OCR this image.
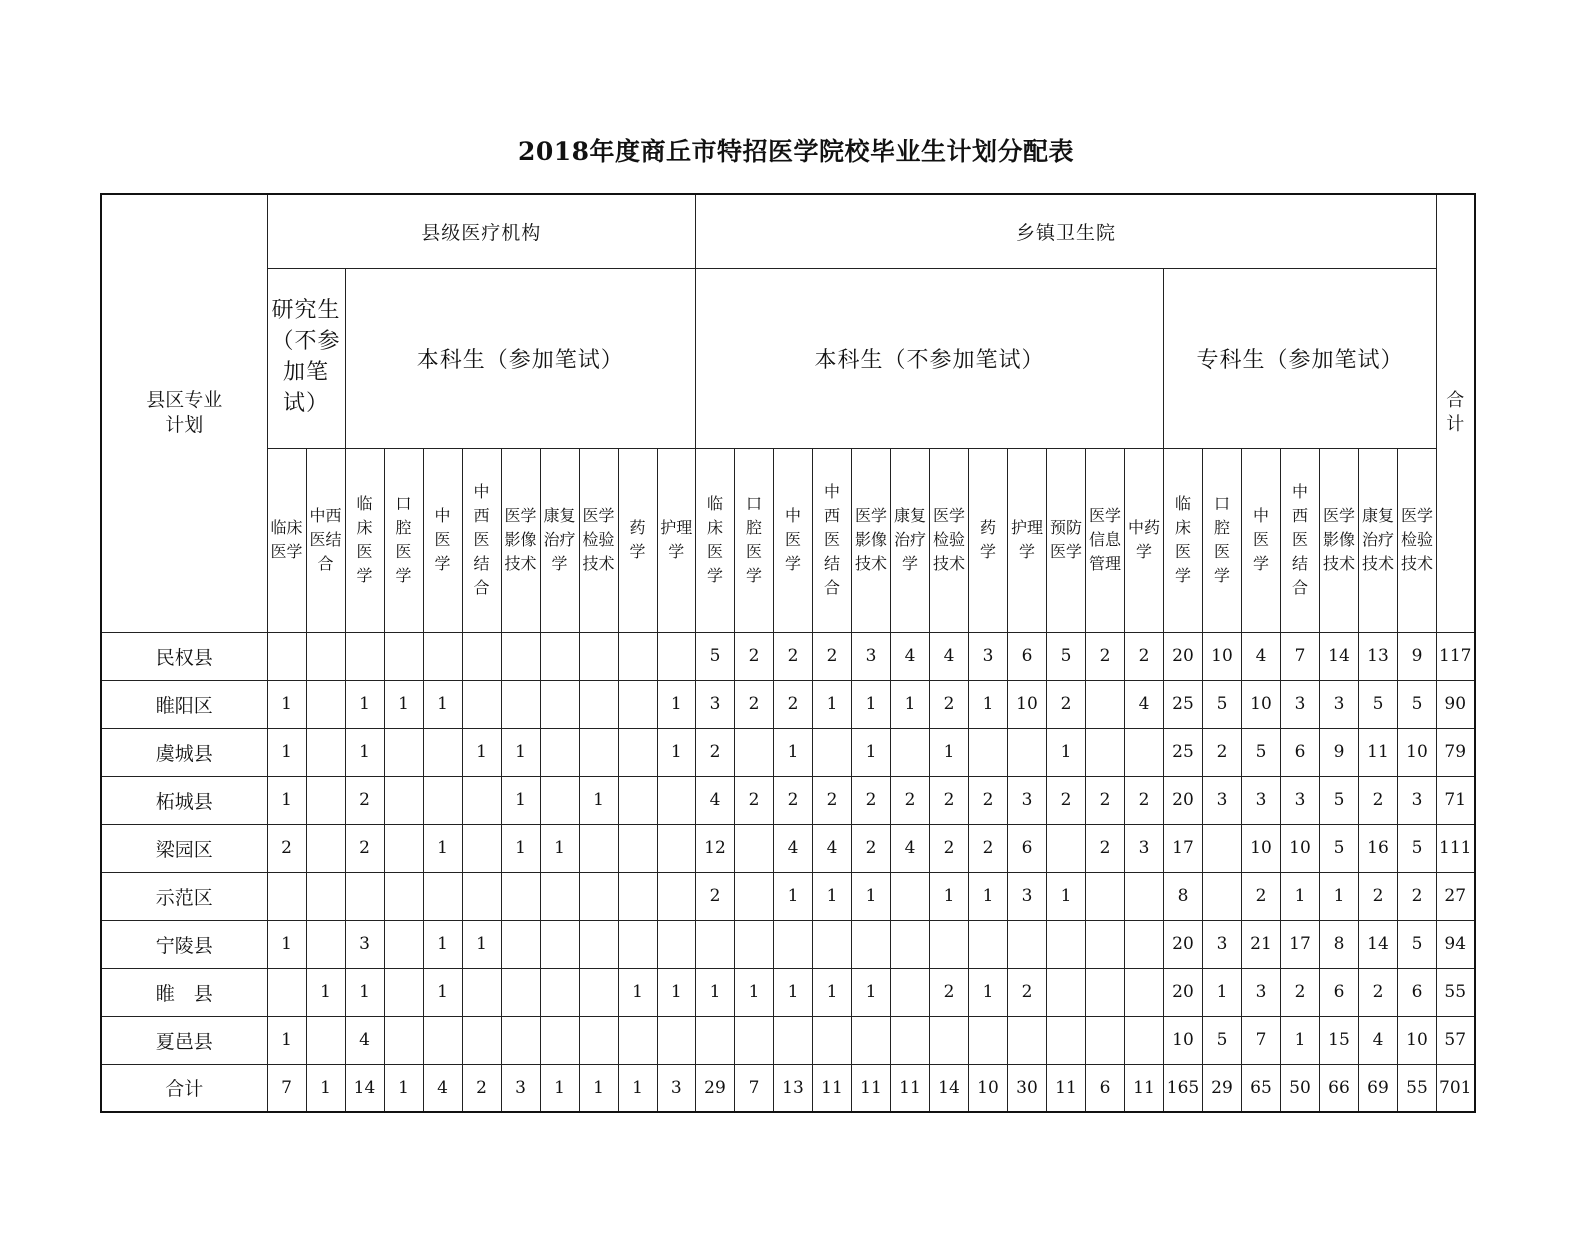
2018年度商丘市特招医学院校毕业生计划分配表
县区专业计划	县级医疗机构											乡镇卫生院																			合计

	研究生（不参加笔试）		本科生（参加笔试）									本科生（不参加笔试）												专科生（参加笔试）							

	临床医学	中西医结合	临床医学	口腔医学	中医学	中西医结合	医学影像技术	康复治疗学	医学检验技术	药学	护理学	临床医学	口腔医学	中医学	中西医结合	医学影像技术	康复治疗学	医学检验技术	药学	护理学	预防医学	医学信息管理	中药学	临床医学	口腔医学	中医学	中西医结合	医学影像技术	康复治疗技术	医学检验技术	

民权县												5	2	2	2	3	4	4	3	6	5	2	2	20	10	4	7	14	13	9	117
睢阳区	1		1	1	1						1	3	2	2	1	1	1	2	1	10	2		4	25	5	10	3	3	5	5	90
虞城县	1		1			1	1				1	2		1		1		1			1			25	2	5	6	9	11	10	79
柘城县	1		2				1		1			4	2	2	2	2	2	2	2	3	2	2	2	20	3	3	3	5	2	3	71
梁园区	2		2		1		1	1				12		4	4	2	4	2	2	6		2	3	17		10	10	5	16	5	111
示范区												2		1	1	1		1	1	3	1			8		2	1	1	2	2	27
宁陵县	1		3		1	1																		20	3	21	17	8	14	5	94
睢　县		1	1		1					1	1	1	1	1	1	1		2	1	2				20	1	3	2	6	2	6	55
夏邑县	1		4																					10	5	7	1	15	4	10	57
合计	7	1	14	1	4	2	3	1	1	1	3	29	7	13	11	11	11	14	10	30	11	6	11	165	29	65	50	66	69	55	701
